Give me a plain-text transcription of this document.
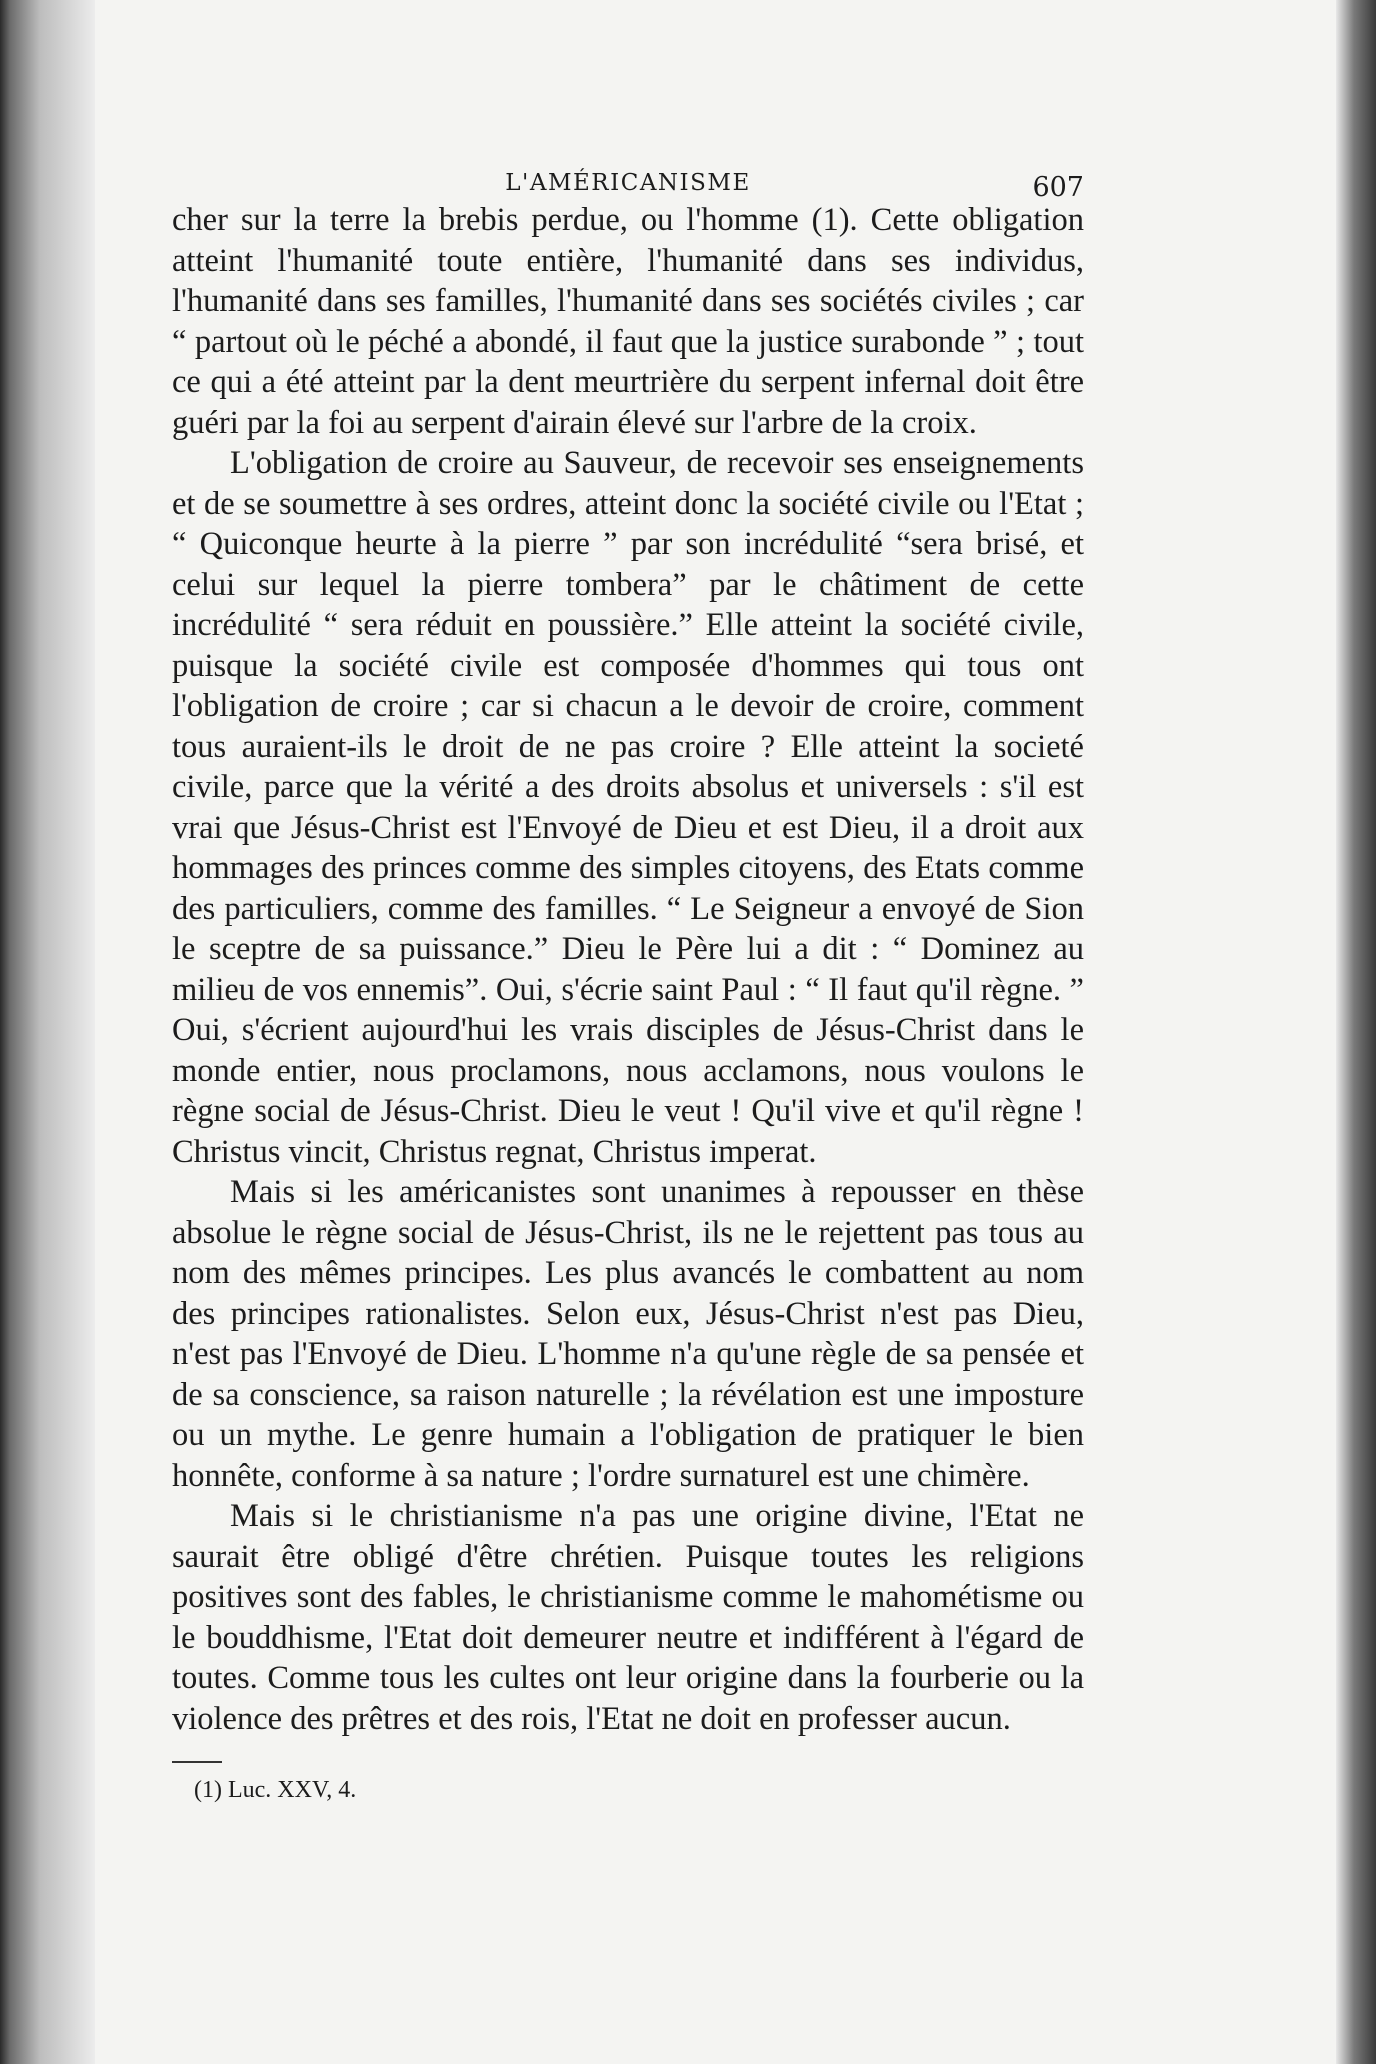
L'AMÉRICANISME	607

cher sur la terre la brebis perdue, ou l'homme (1). Cette obligation atteint l'humanité toute entière, l'humanité dans ses individus, l'humanité dans ses familles, l'humanité dans ses sociétés civiles ; car “ partout où le péché a abondé, il faut que la justice surabonde ” ; tout ce qui a été atteint par la dent meurtrière du serpent infernal doit être guéri par la foi au serpent d'airain élevé sur l'arbre de la croix.

L'obligation de croire au Sauveur, de recevoir ses enseignements et de se soumettre à ses ordres, atteint donc la société civile ou l'Etat ; “ Quiconque heurte à la pierre ” par son incrédulité “sera brisé, et celui sur lequel la pierre tombera” par le châtiment de cette incrédulité “ sera réduit en poussière.” Elle atteint la société civile, puisque la société civile est composée d'hommes qui tous ont l'obligation de croire ; car si chacun a le devoir de croire, comment tous auraient-ils le droit de ne pas croire ? Elle atteint la societé civile, parce que la vérité a des droits absolus et universels : s'il est vrai que Jésus-Christ est l'Envoyé de Dieu et est Dieu, il a droit aux hommages des princes comme des simples citoyens, des Etats comme des particuliers, comme des familles. “ Le Seigneur a envoyé de Sion le sceptre de sa puissance.” Dieu le Père lui a dit : “ Dominez au milieu de vos ennemis”. Oui, s'écrie saint Paul : “ Il faut qu'il règne. ” Oui, s'écrient aujourd'hui les vrais disciples de Jésus-Christ dans le monde entier, nous proclamons, nous acclamons, nous voulons le règne social de Jésus-Christ. Dieu le veut ! Qu'il vive et qu'il règne ! Christus vincit, Christus regnat, Christus imperat.

Mais si les américanistes sont unanimes à repousser en thèse absolue le règne social de Jésus-Christ, ils ne le rejettent pas tous au nom des mêmes principes. Les plus avancés le combattent au nom des principes rationalistes. Selon eux, Jésus-Christ n'est pas Dieu, n'est pas l'Envoyé de Dieu. L'homme n'a qu'une règle de sa pensée et de sa conscience, sa raison naturelle ; la révélation est une imposture ou un mythe. Le genre humain a l'obligation de pratiquer le bien honnête, conforme à sa nature ; l'ordre surnaturel est une chimère.

Mais si le christianisme n'a pas une origine divine, l'Etat ne saurait être obligé d'être chrétien. Puisque toutes les religions positives sont des fables, le christianisme comme le mahométisme ou le bouddhisme, l'Etat doit demeurer neutre et indifférent à l'égard de toutes. Comme tous les cultes ont leur origine dans la fourberie ou la violence des prêtres et des rois, l'Etat ne doit en professer aucun.

(1) Luc. XXV, 4.
